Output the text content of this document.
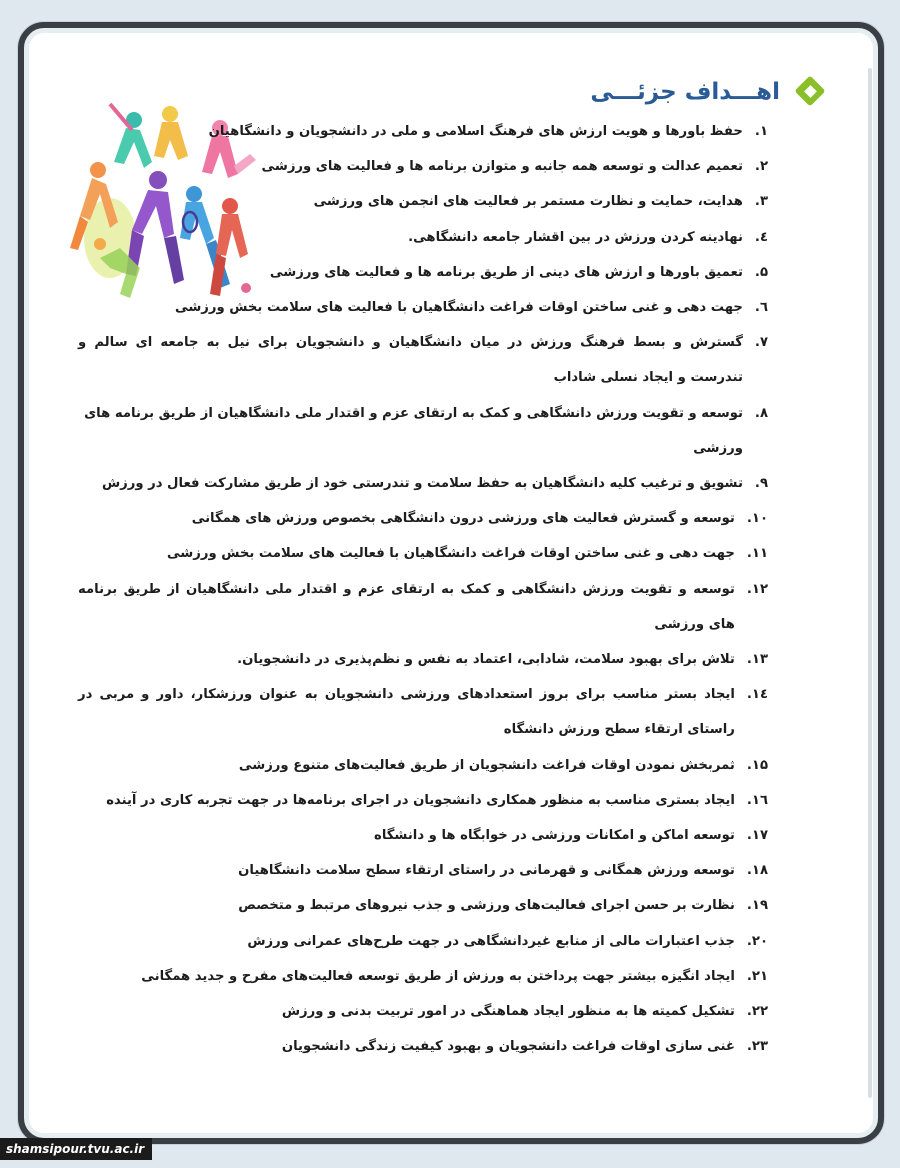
اهـــداف جزئـــی
۱.
حفظ باورها و هویت ارزش های فرهنگ اسلامی و ملی در دانشجویان و دانشگاهیان
۲.
تعمیم عدالت و توسعه همه جانبه و متوازن برنامه ها و فعالیت های ورزشی
۳.
هدایت، حمایت و نظارت مستمر بر فعالیت های انجمن های ورزشی
٤.
نهادینه کردن ورزش در بین اقشار جامعه دانشگاهی.
۵.
تعمیق باورها و ارزش های دینی از طریق برنامه ها و فعالیت های ورزشی
٦.
جهت دهی و غنی ساختن اوقات فراغت دانشگاهیان با فعالیت های سلامت بخش ورزشی
۷.
گسترش و بسط فرهنگ ورزش در میان دانشگاهیان و دانشجویان برای نیل به جامعه ای سالم و تندرست و ایجاد نسلی شاداب
۸.
توسعه و تقویت ورزش دانشگاهی و کمک به ارتقای عزم و اقتدار ملی دانشگاهیان از طریق برنامه های ورزشی
۹.
تشویق و ترغیب کلیه دانشگاهیان به حفظ سلامت و تندرستی خود از طریق مشارکت فعال در ورزش
۱۰.
توسعه و گسترش فعالیت های ورزشی درون دانشگاهی بخصوص ورزش های همگانی
۱۱.
جهت دهی و غنی ساختن اوقات فراغت دانشگاهیان با فعالیت های سلامت بخش ورزشی
۱۲.
توسعه و تقویت ورزش دانشگاهی و کمک به ارتقای عزم و اقتدار ملی دانشگاهیان از طریق برنامه های ورزشی
۱۳.
تلاش برای بهبود سلامت، شادابی، اعتماد به نفس و نظم‌پذیری در دانشجویان.
۱٤.
ایجاد بستر مناسب برای بروز استعدادهای ورزشی دانشجویان به عنوان ورزشکار، داور و مربی در راستای ارتقاء سطح ورزش دانشگاه
۱۵.
ثمربخش نمودن اوقات فراغت دانشجویان از طریق فعالیت‌های متنوع ورزشی
۱٦.
ایجاد بستری مناسب به منظور همکاری دانشجویان در اجرای برنامه‌ها در جهت تجربه کاری در آینده
۱۷.
توسعه اماکن و امکانات ورزشی در خوابگاه ها و دانشگاه
۱۸.
توسعه ورزش همگانی و قهرمانی در راستای ارتقاء سطح سلامت دانشگاهیان
۱۹.
نظارت بر حسن اجرای فعالیت‌های ورزشی و جذب نیروهای مرتبط و متخصص
۲۰.
جذب اعتبارات مالی از منابع غیردانشگاهی در جهت طرح‌های عمرانی ورزش
۲۱.
ایجاد انگیزه بیشتر جهت پرداختن به ورزش از طریق توسعه فعالیت‌های مفرح و جدید همگانی
۲۲.
تشکیل کمیته ها به منظور ایجاد هماهنگی در امور تربیت بدنی و ورزش
۲۳.
غنی سازی اوقات فراغت دانشجویان و بهبود کیفیت زندگی دانشجویان
shamsipour.tvu.ac.ir
